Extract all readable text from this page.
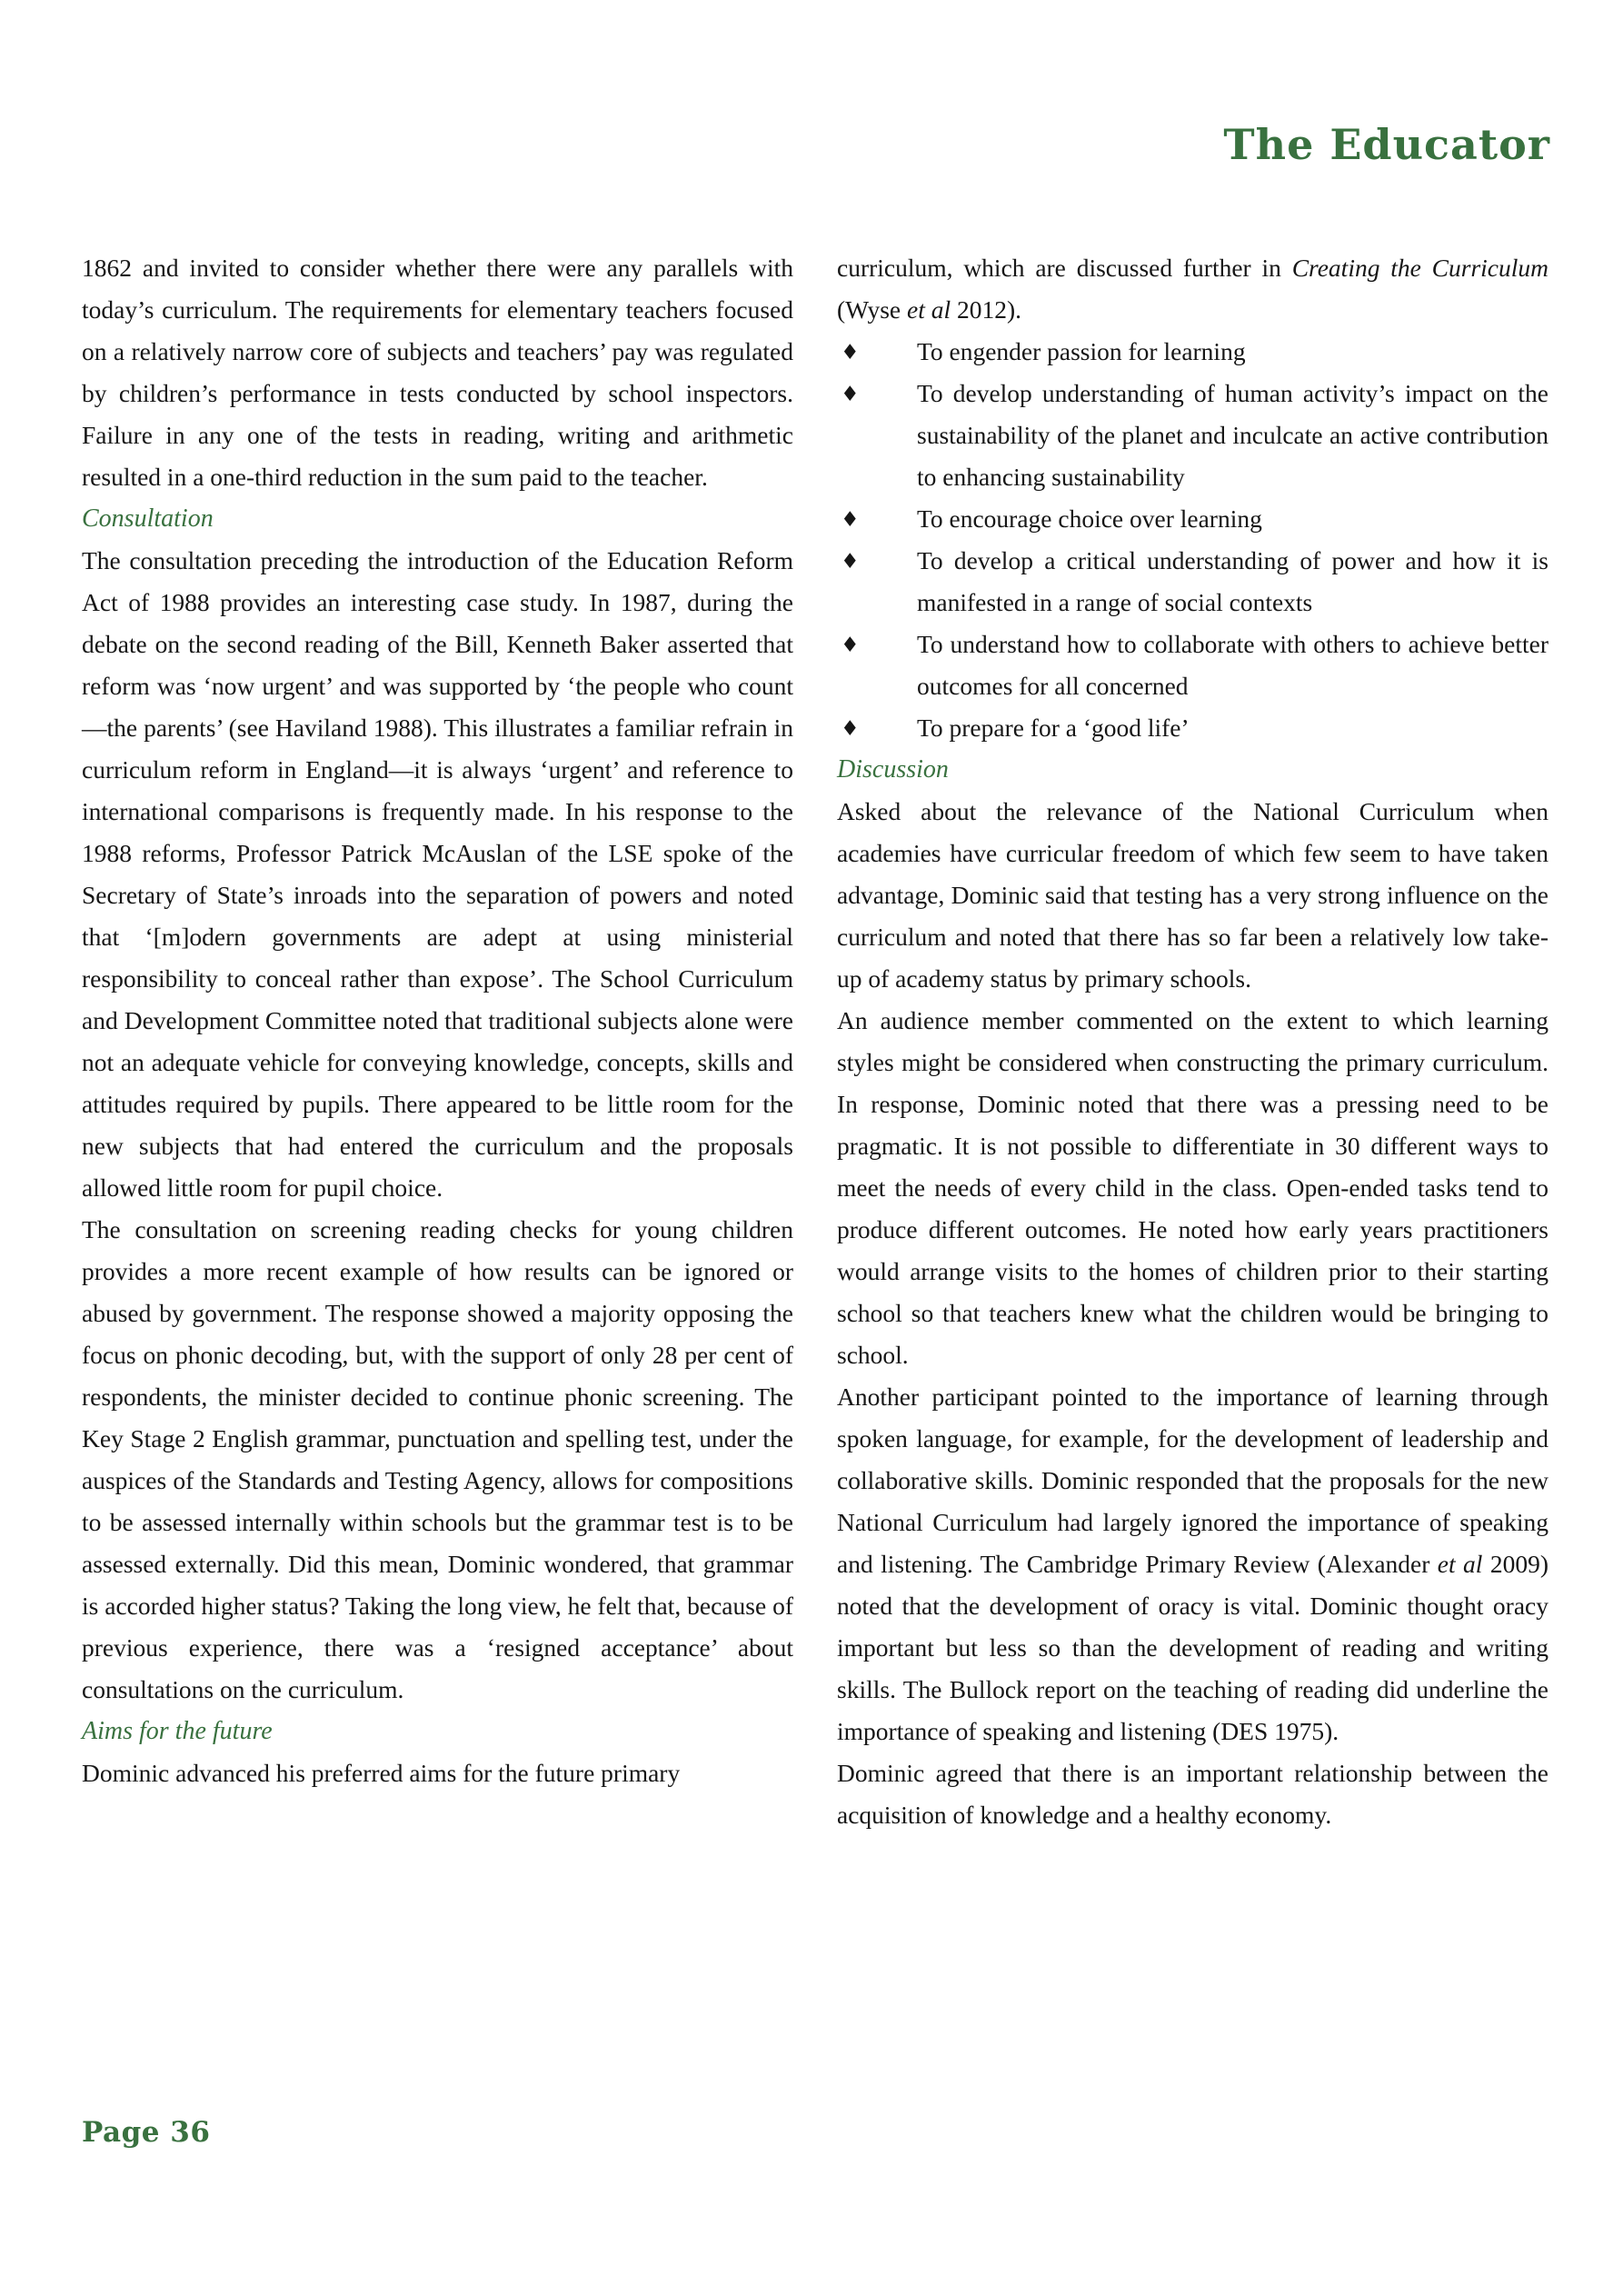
The Educator

1862 and invited to consider whether there were any parallels with today’s curriculum. The requirements for elementary teachers focused on a relatively narrow core of subjects and teachers’ pay was regulated by children’s performance in tests conducted by school inspectors. Failure in any one of the tests in reading, writing and arithmetic resulted in a one-third reduction in the sum paid to the teacher.

Consultation

The consultation preceding the introduction of the Education Reform Act of 1988 provides an interesting case study. In 1987, during the debate on the second reading of the Bill, Kenneth Baker asserted that reform was ‘now urgent’ and was supported by ‘the people who count—the parents’ (see Haviland 1988). This illustrates a familiar refrain in curriculum reform in England—it is always ‘urgent’ and reference to international comparisons is frequently made. In his response to the 1988 reforms, Professor Patrick McAuslan of the LSE spoke of the Secretary of State’s inroads into the separation of powers and noted that ‘[m]odern governments are adept at using ministerial responsibility to conceal rather than expose’. The School Curriculum and Development Committee noted that traditional subjects alone were not an adequate vehicle for conveying knowledge, concepts, skills and attitudes required by pupils. There appeared to be little room for the new subjects that had entered the curriculum and the proposals allowed little room for pupil choice.

The consultation on screening reading checks for young children provides a more recent example of how results can be ignored or abused by government. The response showed a majority opposing the focus on phonic decoding, but, with the support of only 28 per cent of respondents, the minister decided to continue phonic screening. The Key Stage 2 English grammar, punctuation and spelling test, under the auspices of the Standards and Testing Agency, allows for compositions to be assessed internally within schools but the grammar test is to be assessed externally. Did this mean, Dominic wondered, that grammar is accorded higher status? Taking the long view, he felt that, because of previous experience, there was a ‘resigned acceptance’ about consultations on the curriculum.

Aims for the future

Dominic advanced his preferred aims for the future primary

curriculum, which are discussed further in Creating the Curriculum (Wyse et al 2012).

♦ To engender passion for learning
♦ To develop understanding of human activity’s impact on the sustainability of the planet and inculcate an active contribution to enhancing sustainability
♦ To encourage choice over learning
♦ To develop a critical understanding of power and how it is manifested in a range of social contexts
♦ To understand how to collaborate with others to achieve better outcomes for all concerned
♦ To prepare for a ‘good life’
Discussion

Asked about the relevance of the National Curriculum when academies have curricular freedom of which few seem to have taken advantage, Dominic said that testing has a very strong influence on the curriculum and noted that there has so far been a relatively low take-up of academy status by primary schools.

An audience member commented on the extent to which learning styles might be considered when constructing the primary curriculum. In response, Dominic noted that there was a pressing need to be pragmatic. It is not possible to differentiate in 30 different ways to meet the needs of every child in the class. Open-ended tasks tend to produce different outcomes. He noted how early years practitioners would arrange visits to the homes of children prior to their starting school so that teachers knew what the children would be bringing to school.

Another participant pointed to the importance of learning through spoken language, for example, for the development of leadership and collaborative skills. Dominic responded that the proposals for the new National Curriculum had largely ignored the importance of speaking and listening. The Cambridge Primary Review (Alexander et al 2009) noted that the development of oracy is vital. Dominic thought oracy important but less so than the development of reading and writing skills. The Bullock report on the teaching of reading did underline the importance of speaking and listening (DES 1975).

Dominic agreed that there is an important relationship between the acquisition of knowledge and a healthy economy.

Page 36
